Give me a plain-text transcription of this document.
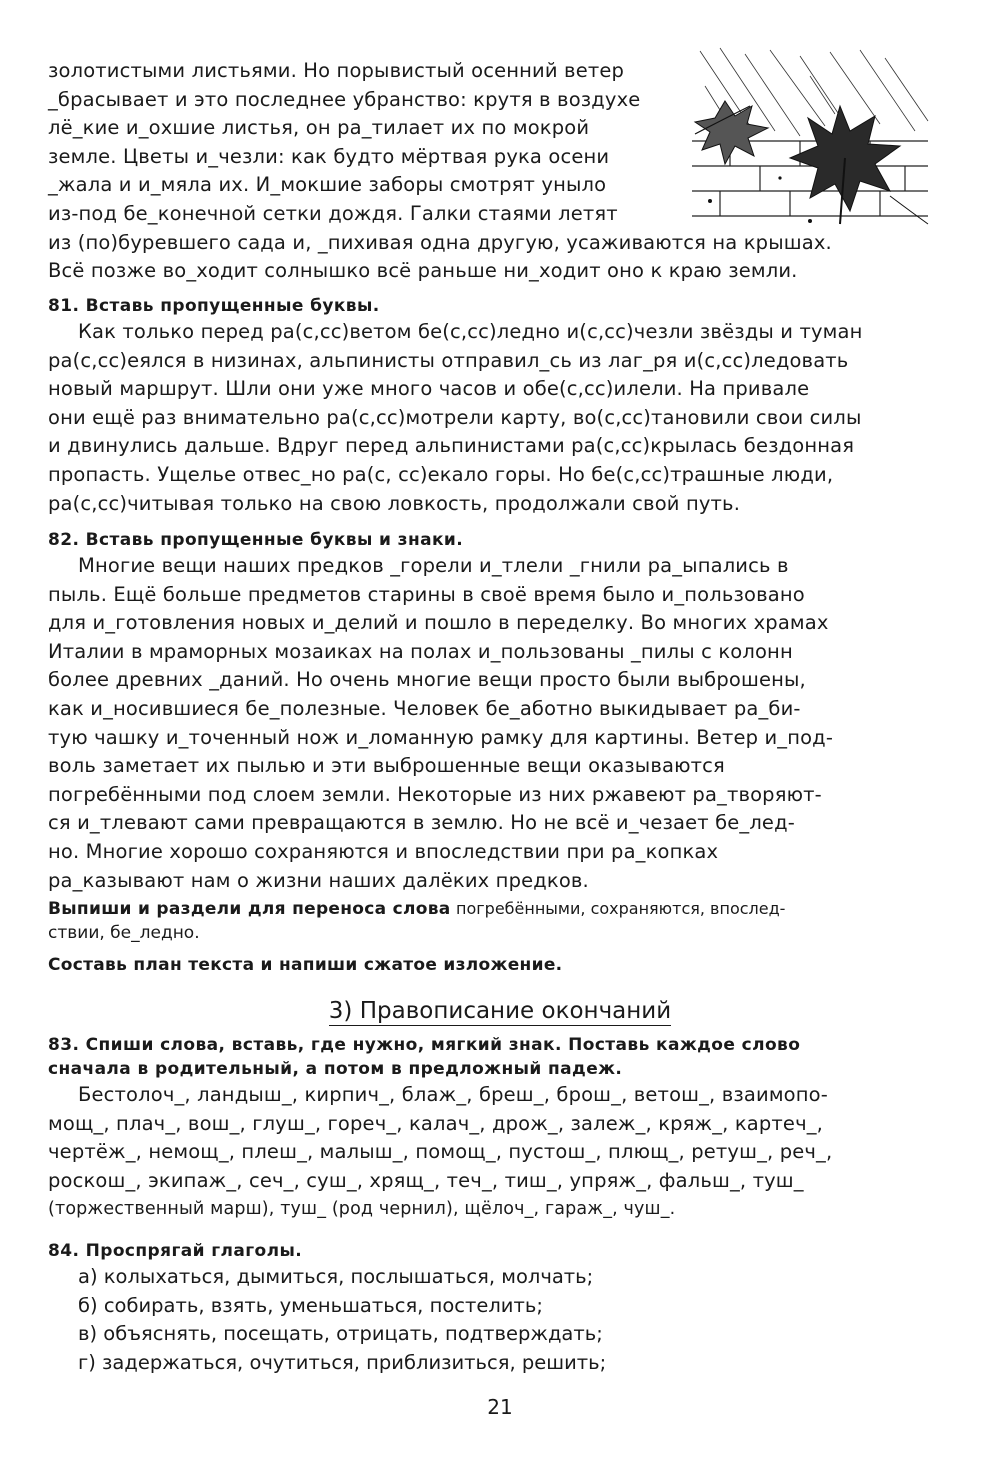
золотистыми листьями. Но порывистый осенний ветер
_брасывает и это последнее убранство: крутя в воздухе
лё_кие и_охшие листья, он ра_тилает их по мокрой
земле. Цветы и_чезли: как будто мёртвая рука осени
_жала и и_мяла их. И_мокшие заборы смотрят уныло
из-под бе_конечной сетки дождя. Галки стаями летят
из (по)буревшего сада и, _пихивая одна другую, усаживаются на крышах.
Всё позже во_ходит солнышко всё раньше ни_ходит оно к краю земли.
81. Вставь пропущенные буквы.
Как только перед ра(с,сс)ветом бе(с,сс)ледно и(с,сс)чезли звёзды и туман
ра(с,сс)еялся в низинах, альпинисты отправил_сь из лаг_ря и(с,сс)ледовать
новый маршрут. Шли они уже много часов и обе(с,сс)илели. На привале
они ещё раз внимательно ра(с,сс)мотрели карту, во(с,сс)тановили свои силы
и двинулись дальше. Вдруг перед альпинистами ра(с,сс)крылась бездонная
пропасть. Ущелье отвес_но ра(с, сс)екало горы. Но бе(с,сс)трашные люди,
ра(с,сс)читывая только на свою ловкость, продолжали свой путь.
82. Вставь пропущенные буквы и знаки.
Многие вещи наших предков _горели и_тлели _гнили ра_ыпались в
пыль. Ещё больше предметов старины в своё время было и_пользовано
для и_готовления новых и_делий и пошло в переделку. Во многих храмах
Италии в мраморных мозаиках на полах и_пользованы _пилы с колонн
более древних _даний. Но очень многие вещи просто были выброшены,
как и_носившиеся бе_полезные. Человек бе_аботно выкидывает ра_би-
тую чашку и_точенный нож и_ломанную рамку для картины. Ветер и_под-
воль заметает их пылью и эти выброшенные вещи оказываются
погребёнными под слоем земли. Некоторые из них ржавеют ра_творяют-
ся и_тлевают сами превращаются в землю. Но не всё и_чезает бе_лед-
но. Многие хорошо сохраняются и впоследствии при ра_копках
ра_казывают нам о жизни наших далёких предков.
Выпиши и раздели для переноса слова погребёнными, сохраняются, впослед-
ствии, бе_ледно.
Составь план текста и напиши сжатое изложение.
3) Правописание окончаний
83. Спиши слова, вставь, где нужно, мягкий знак. Поставь каждое слово
сначала в родительный, а потом в предложный падеж.
Бестолоч_, ландыш_, кирпич_, блаж_, бреш_, брош_, ветош_, взаимопо-
мощ_, плач_, вош_, глуш_, гореч_, калач_, дрож_, залеж_, кряж_, картеч_,
чертёж_, немощ_, плеш_, малыш_, помощ_, пустош_, плющ_, ретуш_, реч_,
роскош_, экипаж_, сеч_, суш_, хрящ_, теч_, тиш_, упряж_, фальш_, туш_
(торжественный марш), туш_ (род чернил), щёлоч_, гараж_, чуш_.
84. Проспрягай глаголы.
а) колыхаться, дымиться, послышаться, молчать;
б) собирать, взять, уменьшаться, постелить;
в) объяснять, посещать, отрицать, подтверждать;
г) задержаться, очутиться, приблизиться, решить;
21
